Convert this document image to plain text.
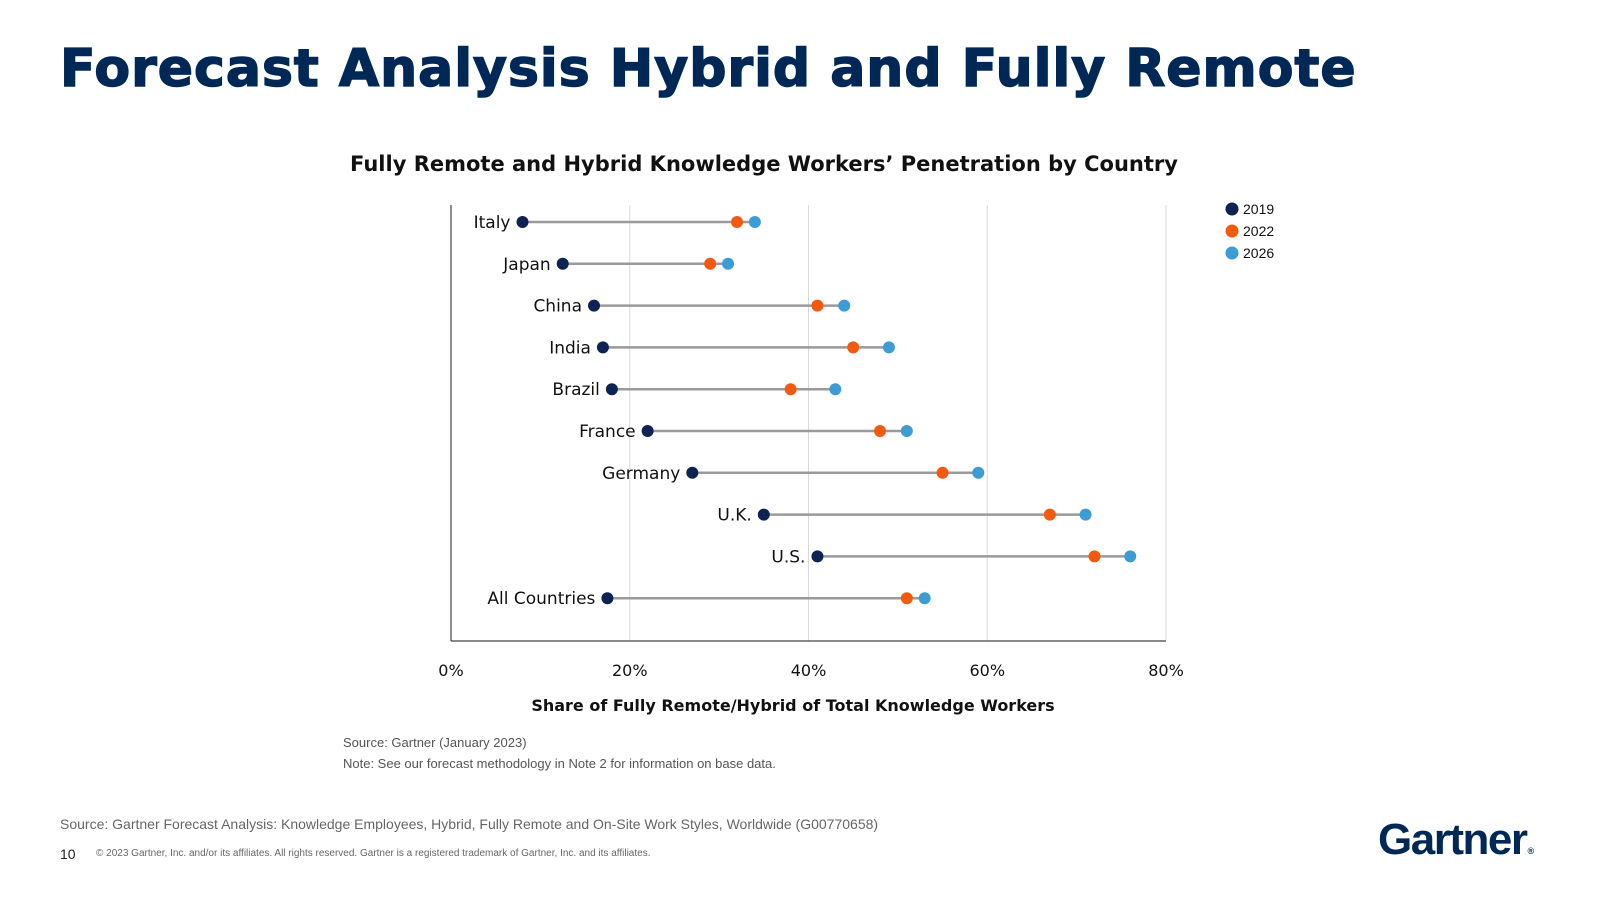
Forecast Analysis Hybrid and Fully Remote
Fully Remote and Hybrid Knowledge Workers’ Penetration by Country
Italy
Japan
China
India
Brazil
France
Germany
U.K.
U.S.
All Countries
0%	20%	40%	60%	80%
Share of Fully Remote/Hybrid of Total Knowledge Workers
2019
2022
2026
Source: Gartner (January 2023)
Note: See our forecast methodology in Note 2 for information on base data.
Source: Gartner Forecast Analysis: Knowledge Employees, Hybrid, Fully Remote and On-Site Work Styles, Worldwide (G00770658)
10 © 2023 Gartner, Inc. and/or its affiliates. All rights reserved. Gartner is a registered trademark of Gartner, Inc. and its affiliates.	Gartner®
